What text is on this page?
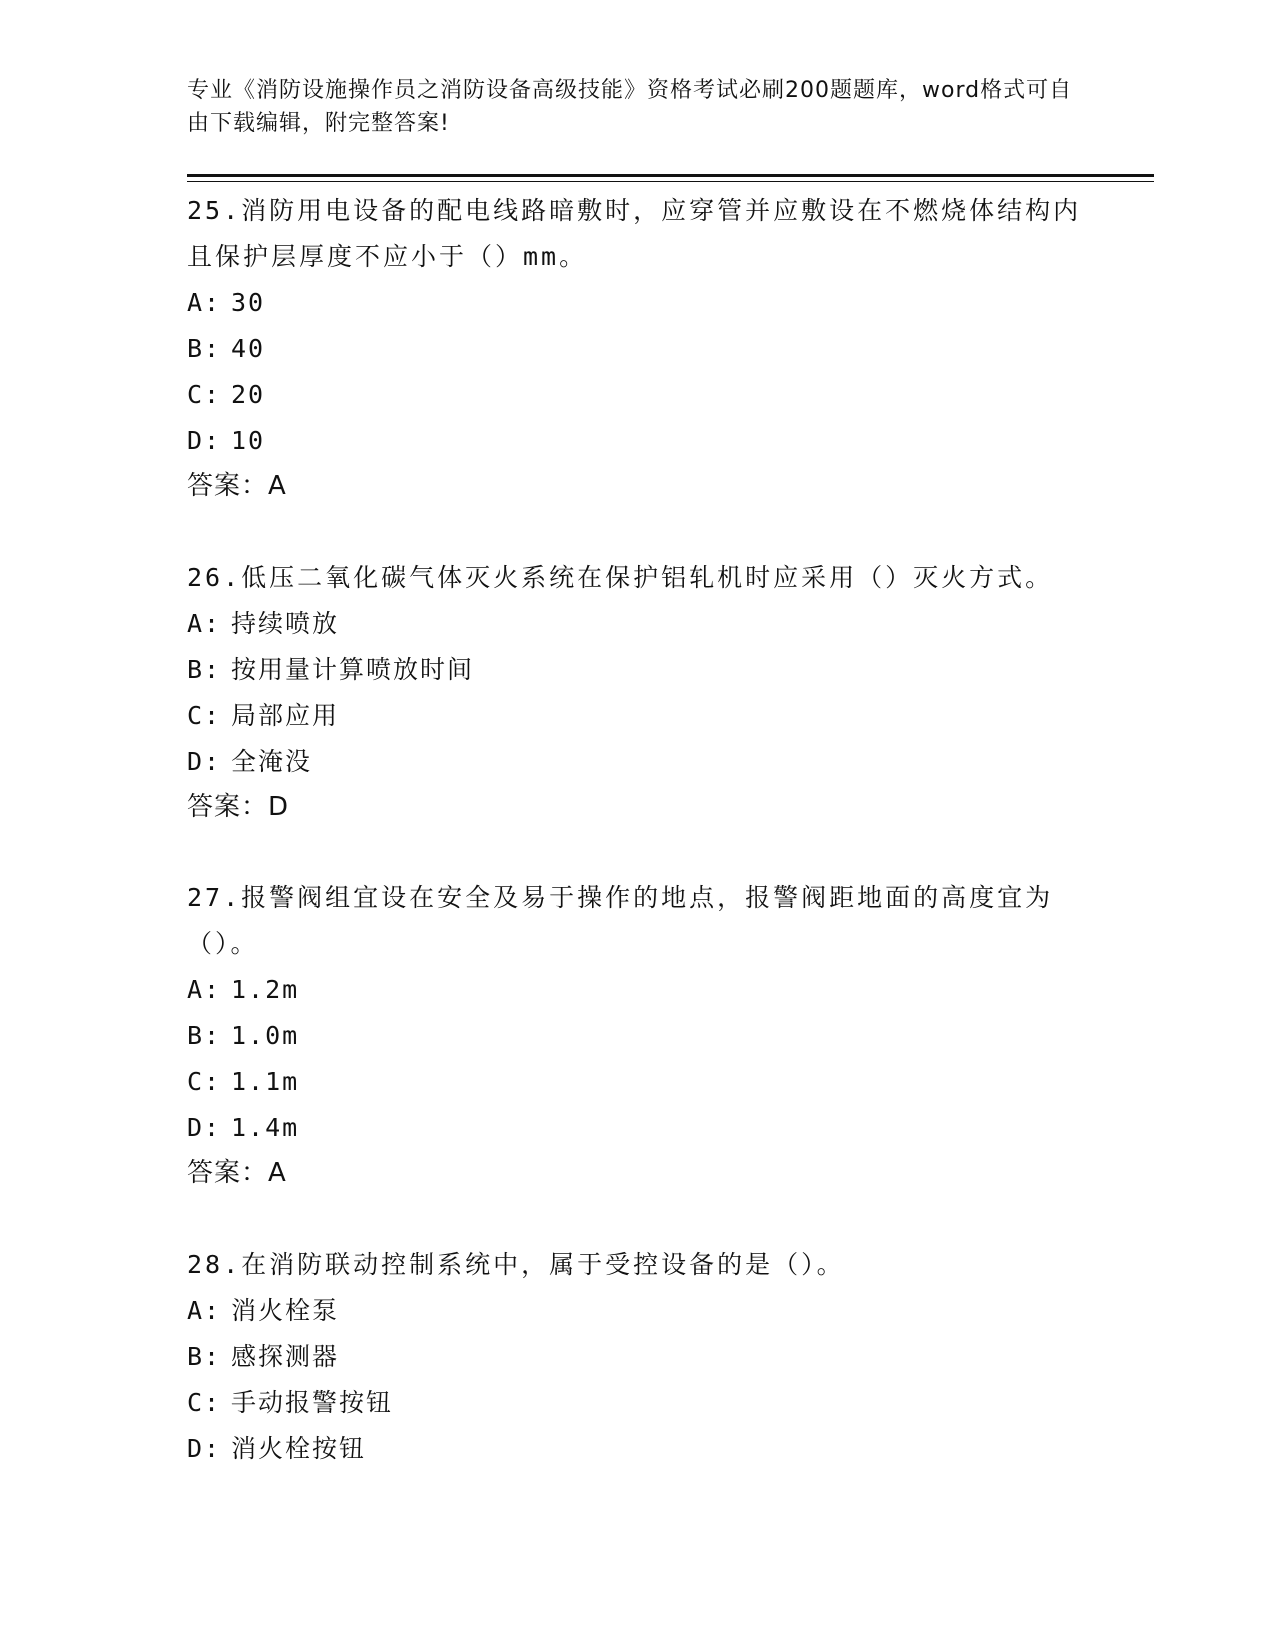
专业《消防设施操作员之消防设备高级技能》资格考试必刷200题题库，word格式可自由下载编辑，附完整答案!

25.消防用电设备的配电线路暗敷时，应穿管并应敷设在不燃烧体结构内且保护层厚度不应小于（）mm。

A: 30
B: 40
C: 20
D: 10
答案：A

26.低压二氧化碳气体灭火系统在保护铝轧机时应采用（）灭火方式。

A: 持续喷放
B: 按用量计算喷放时间
C: 局部应用
D: 全淹没
答案：D

27.报警阀组宜设在安全及易于操作的地点，报警阀距地面的高度宜为（）。

A: 1.2m
B: 1.0m
C: 1.1m
D: 1.4m
答案：A

28.在消防联动控制系统中，属于受控设备的是（）。

A: 消火栓泵
B: 感探测器
C: 手动报警按钮
D: 消火栓按钮
